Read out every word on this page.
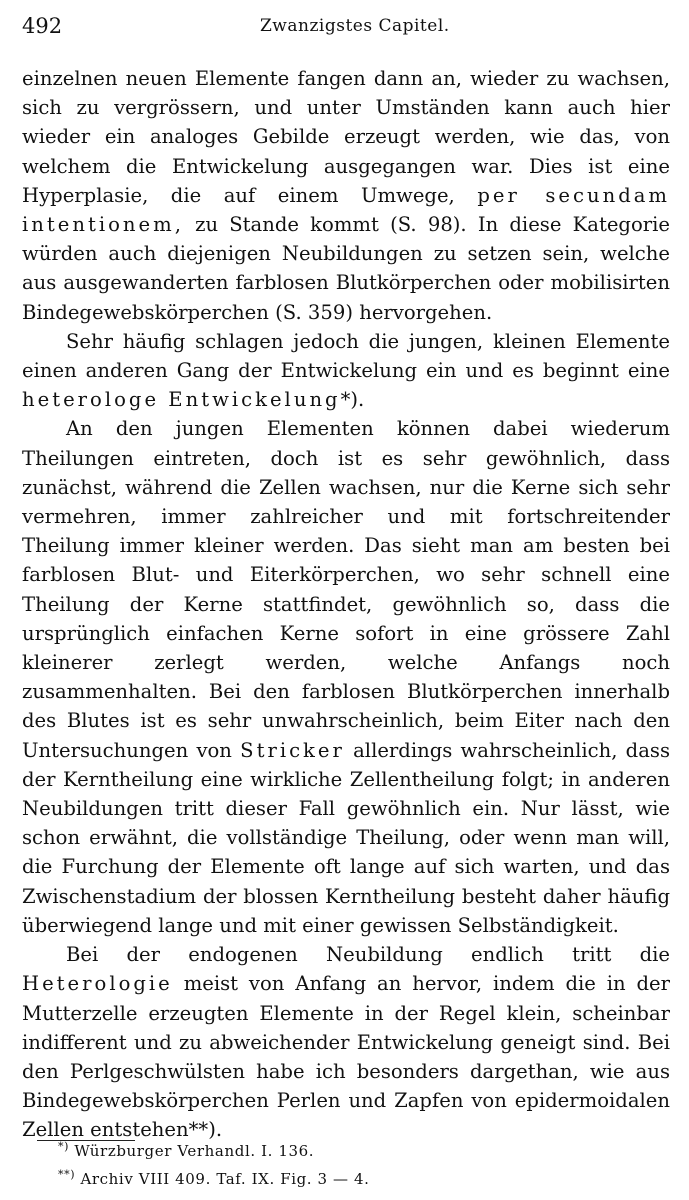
492	Zwanzigstes Capitel.

einzelnen neuen Elemente fangen dann an, wieder zu wachsen, sich zu vergrössern, und unter Umständen kann auch hier wieder ein analoges Gebilde erzeugt werden, wie das, von welchem die Entwickelung ausgegangen war. Dies ist eine Hyperplasie, die auf einem Umwege, per secundam intentionem, zu Stande kommt (S. 98). In diese Kategorie würden auch diejenigen Neubildungen zu setzen sein, welche aus ausgewanderten farblosen Blutkörperchen oder mobilisirten Bindegewebskörperchen (S. 359) hervorgehen.

Sehr häufig schlagen jedoch die jungen, kleinen Elemente einen anderen Gang der Entwickelung ein und es beginnt eine heterologe Entwickelung*).

An den jungen Elementen können dabei wiederum Theilungen eintreten, doch ist es sehr gewöhnlich, dass zunächst, während die Zellen wachsen, nur die Kerne sich sehr vermehren, immer zahlreicher und mit fortschreitender Theilung immer kleiner werden. Das sieht man am besten bei farblosen Blut- und Eiterkörperchen, wo sehr schnell eine Theilung der Kerne stattfindet, gewöhnlich so, dass die ursprünglich einfachen Kerne sofort in eine grössere Zahl kleinerer zerlegt werden, welche Anfangs noch zusammenhalten. Bei den farblosen Blutkörperchen innerhalb des Blutes ist es sehr unwahrscheinlich, beim Eiter nach den Untersuchungen von Stricker allerdings wahrscheinlich, dass der Kerntheilung eine wirkliche Zellentheilung folgt; in anderen Neubildungen tritt dieser Fall gewöhnlich ein. Nur lässt, wie schon erwähnt, die vollständige Theilung, oder wenn man will, die Furchung der Elemente oft lange auf sich warten, und das Zwischenstadium der blossen Kerntheilung besteht daher häufig überwiegend lange und mit einer gewissen Selbständigkeit.

Bei der endogenen Neubildung endlich tritt die Heterologie meist von Anfang an hervor, indem die in der Mutterzelle erzeugten Elemente in der Regel klein, scheinbar indifferent und zu abweichender Entwickelung geneigt sind. Bei den Perlgeschwülsten habe ich besonders dargethan, wie aus Bindegewebskörperchen Perlen und Zapfen von epidermoidalen Zellen entstehen**).

*) Würzburger Verhandl. I. 136.
**) Archiv VIII 409. Taf. IX. Fig. 3 — 4.
